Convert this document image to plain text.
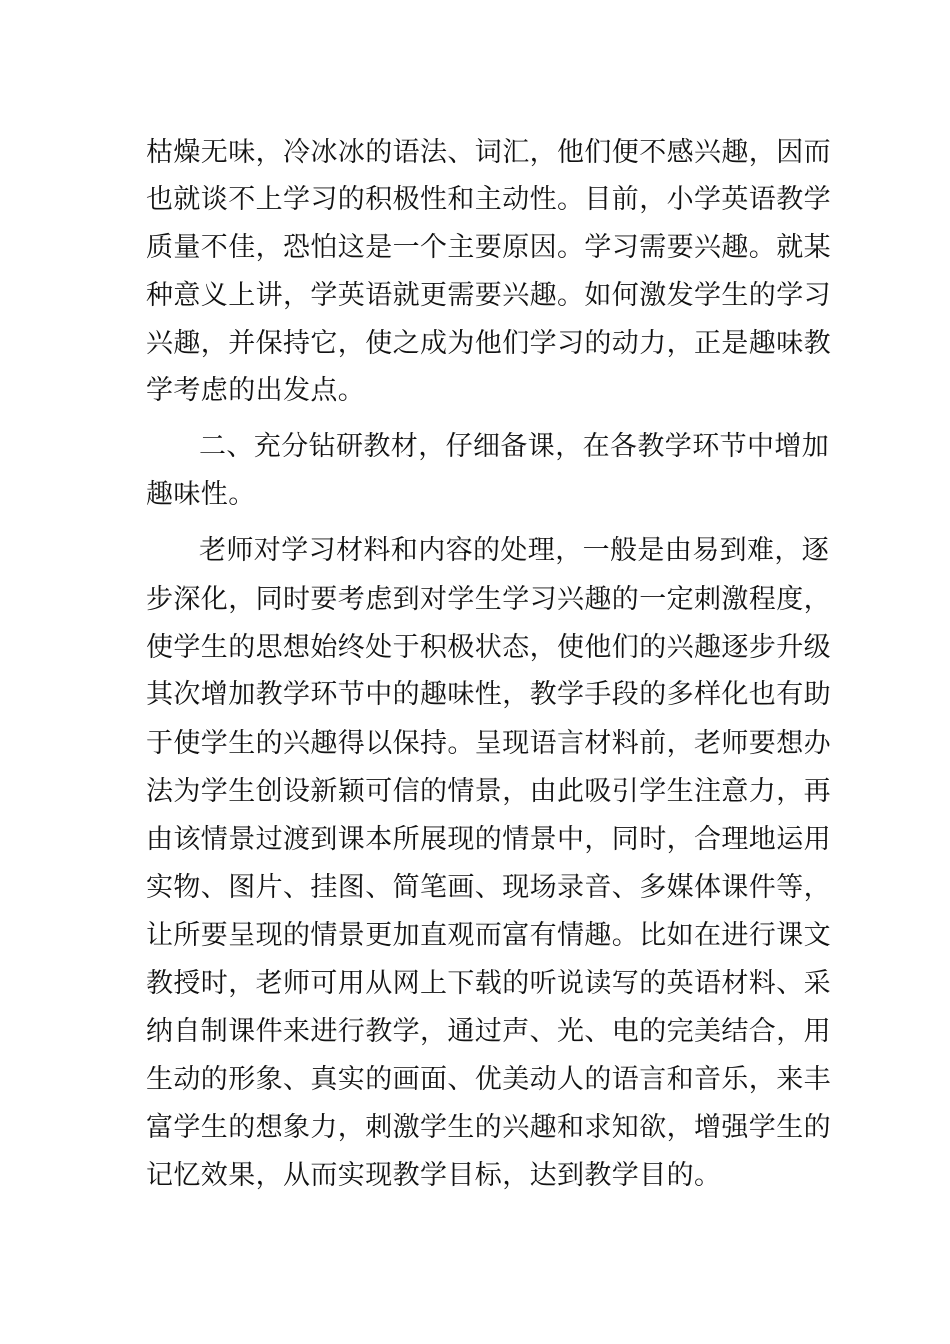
枯燥无味，冷冰冰的语法、词汇，他们便不感兴趣，因而
也就谈不上学习的积极性和主动性。目前，小学英语教学
质量不佳，恐怕这是一个主要原因。学习需要兴趣。就某
种意义上讲，学英语就更需要兴趣。如何激发学生的学习
兴趣，并保持它，使之成为他们学习的动力，正是趣味教
学考虑的出发点。
二、充分钻研教材，仔细备课，在各教学环节中增加
趣味性。
老师对学习材料和内容的处理，一般是由易到难，逐
步深化，同时要考虑到对学生学习兴趣的一定刺激程度，
使学生的思想始终处于积极状态，使他们的兴趣逐步升级
其次增加教学环节中的趣味性，教学手段的多样化也有助
于使学生的兴趣得以保持。呈现语言材料前，老师要想办
法为学生创设新颖可信的情景，由此吸引学生注意力，再
由该情景过渡到课本所展现的情景中，同时，合理地运用
实物、图片、挂图、简笔画、现场录音、多媒体课件等，
让所要呈现的情景更加直观而富有情趣。比如在进行课文
教授时，老师可用从网上下载的听说读写的英语材料、采
纳自制课件来进行教学，通过声、光、电的完美结合，用
生动的形象、真实的画面、优美动人的语言和音乐，来丰
富学生的想象力，刺激学生的兴趣和求知欲，增强学生的
记忆效果，从而实现教学目标，达到教学目的。
